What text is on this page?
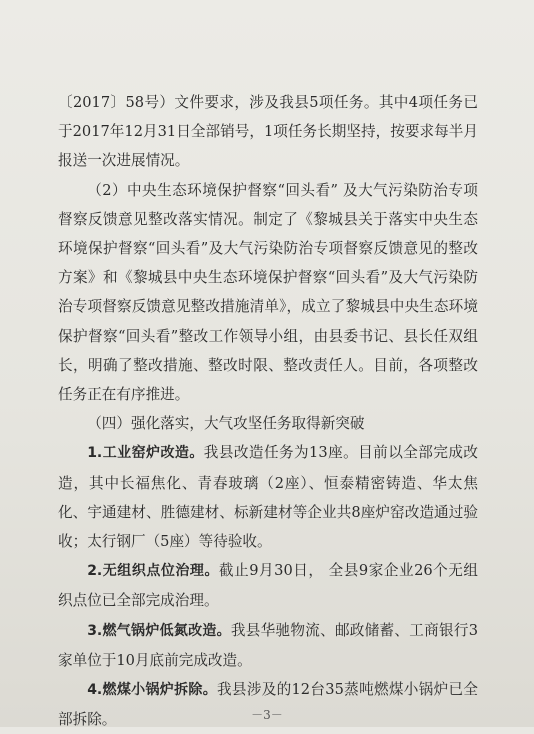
〔2017〕58号）文件要求，涉及我县5项任务。其中4项任务已于2017年12月31日全部销号，1项任务长期坚持，按要求每半月报送一次进展情况。

（2）中央生态环境保护督察“回头看” 及大气污染防治专项督察反馈意见整改落实情况。制定了《黎城县关于落实中央生态环境保护督察“回头看”及大气污染防治专项督察反馈意见的整改方案》和《黎城县中央生态环境保护督察“回头看”及大气污染防治专项督察反馈意见整改措施清单》，成立了黎城县中央生态环境保护督察“回头看”整改工作领导小组，由县委书记、县长任双组长，明确了整改措施、整改时限、整改责任人。目前，各项整改任务正在有序推进。

（四）强化落实，大气攻坚任务取得新突破

1.工业窑炉改造。我县改造任务为13座。目前以全部完成改造，其中长福焦化、青春玻璃（2座）、恒泰精密铸造、华太焦化、宇通建材、胜德建材、标新建材等企业共8座炉窑改造通过验收；太行钢厂（5座）等待验收。

2.无组织点位治理。截止9月30日， 全县9家企业26个无组织点位已全部完成治理。

3.燃气锅炉低氮改造。我县华驰物流、邮政储蓄、工商银行3家单位于10月底前完成改造。

4.燃煤小锅炉拆除。我县涉及的12台35蒸吨燃煤小锅炉已全部拆除。	－3－
